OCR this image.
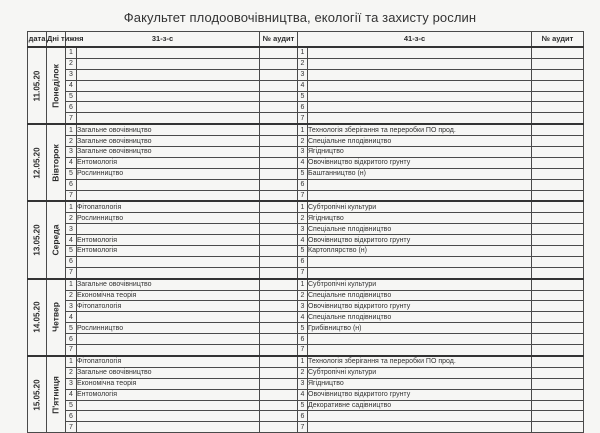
Факультет плодоовочівництва, екології та захисту рослин
дата	Дні тижня	31-з-с		№ аудит	41-з-с		№ аудит

11.05.20	Понеділок	1			1		
		2			2		
		3			3		
		4			4		
		5			5		
		6			6		
		7			7		

12.05.20	Вівторок	1	Загальне овочівництво		1	Технологія зберігання та переробки ПО прод.	
		2	Загальне овочівництво		2	Спеціальне плодівництво	
		3	Загальне овочівництво		3	Ягідництво	
		4	Ентомологія		4	Овочівництво відкритого грунту	
		5	Рослинництво		5	Баштанництво (н)	
		6			6		
		7			7		

13.05.20	Середа	1	Фітопатологія		1	Субтропічні культури	
		2	Рослинництво		2	Ягідництво	
		3			3	Спеціальне плодівництво	
		4	Ентомологія		4	Овочівництво відкритого грунту	
		5	Ентомологія		5	Картоплярство (н)	
		6			6		
		7			7		

14.05.20	Четвер	1	Загальне овочівництво		1	Субтропічні культури	
		2	Економічна теорія		2	Спеціальне плодівництво	
		3	Фітопатологія		3	Овочівництво відкритого грунту	
		4			4	Спеціальне плодівництво	
		5	Рослинництво		5	Грибівництво (н)	
		6			6		
		7			7		

15.05.20	П'ятниця	1	Фітопатологія		1	Технологія зберігання та переробки ПО прод.	
		2	Загальне овочівництво		2	Субтропічні культури	
		3	Економічна теорія		3	Ягідництво	
		4	Ентомологія		4	Овочівництво відкритого грунту	
		5			5	Декоративне садівництво	
		6			6		
		7			7		
